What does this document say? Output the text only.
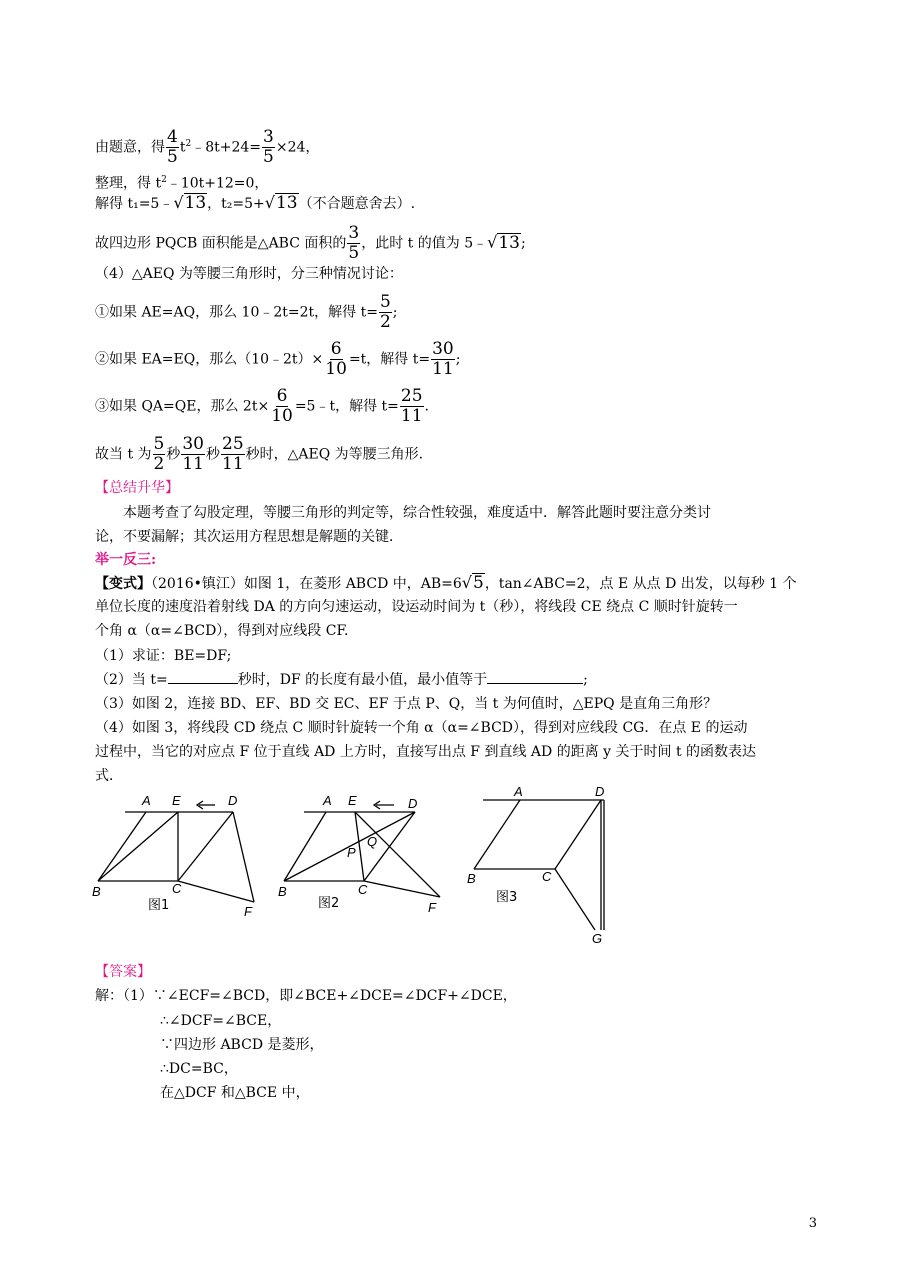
由题意，得 $\frac{4}{5}$ $t^2﹣8t+24= \frac{3}{5} \times 24$，
整理，得 $t^2﹣10t+12=0$，
解得 t₁=5﹣√13，t₂=5+√13（不合题意舍去）.
故四边形 PQCB 面积能是△ABC 面积的 $\frac{3}{5}$ ，此时 t 的值为 5﹣√13;
（4）△AEQ 为等腰三角形时，分三种情况讨论：
①如果 AE=AQ，那么 10﹣2t=2t，解得 $t= \frac{5}{2}$ ;
②如果 EA=EQ，那么（10﹣2t）× $\frac{6}{10} =t$，解得 $t= \frac{30}{11}$ ;
③如果 QA=QE，那么 $2t\times \frac{6}{10}$ =5﹣t，解得 $t= \frac{25}{11}$ .
故当 t 为 $\frac{5}{2}$ 秒 $\frac{30}{11}$ 秒 $\frac{25}{11}$ 秒时，△AEQ 为等腰三角形.
【总结升华】
本题考查了勾股定理，等腰三角形的判定等，综合性较强，难度适中．解答此题时要注意分类讨
论，不要漏解；其次运用方程思想是解题的关键．
举一反三:
【变式】（2016•镇江）如图 1，在菱形 ABCD 中，AB=6√5，tan∠ABC=2，点 E 从点 D 出发，以每秒 1 个
单位长度的速度沿着射线 DA 的方向匀速运动，设运动时间为 t（秒），将线段 CE 绕点 C 顺时针旋转一
个角 α（α=∠BCD），得到对应线段 CF.
（1）求证：BE=DF;
（2）当 t=	秒时，DF 的长度有最小值，最小值等于	;
（3）如图 2，连接 BD、EF、BD 交 EC、EF 于点 P、Q，当 t 为何值时，△EPQ 是直角三角形？
（4）如图 3，将线段 CD 绕点 C 顺时针旋转一个角 α（α=∠BCD），得到对应线段 CG．在点 E 的运动
过程中，当它的对应点 F 位于直线 AD 上方时，直接写出点 F 到直线 AD 的距离 y 关于时间 t 的函数表达
式．
A E	D
B	C
F
图1
A E	D
B	C
F
P
Q
图2
A	D
B	C
G
图3
【答案】
解：（1）∵∠ECF=∠BCD，即∠BCE+∠DCE=∠DCF+∠DCE，
∴∠DCF=∠BCE，
∵四边形 ABCD 是菱形，
∴DC=BC，
在△DCF 和△BCE 中，
3
